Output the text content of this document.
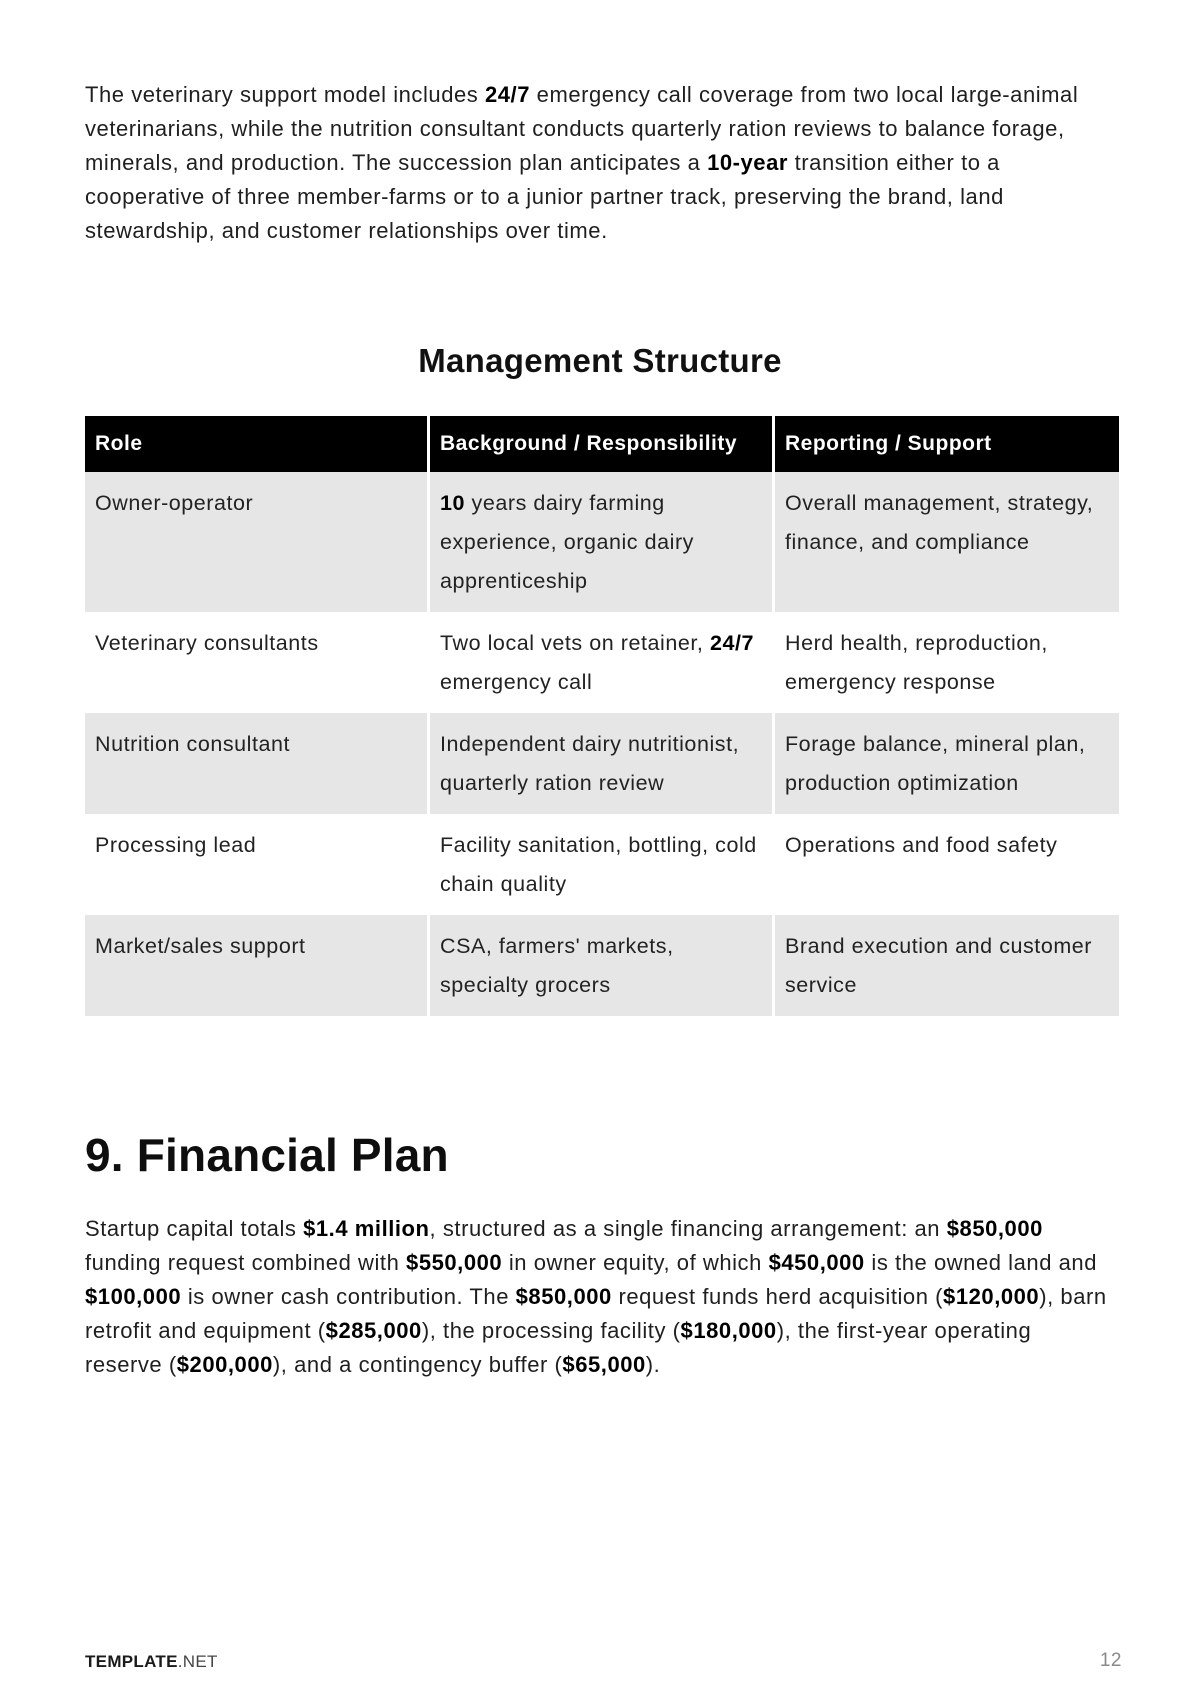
The veterinary support model includes 24/7 emergency call coverage from two local large-animal veterinarians, while the nutrition consultant conducts quarterly ration reviews to balance forage, minerals, and production. The succession plan anticipates a 10-year transition either to a cooperative of three member-farms or to a junior partner track, preserving the brand, land stewardship, and customer relationships over time.

Management Structure
Role	Background / Responsibility	Reporting / Support
Owner-operator	10 years dairy farming experience, organic dairy apprenticeship	Overall management, strategy, finance, and compliance
Veterinary consultants	Two local vets on retainer, 24/7 emergency call	Herd health, reproduction, emergency response
Nutrition consultant	Independent dairy nutritionist, quarterly ration review	Forage balance, mineral plan, production optimization
Processing lead	Facility sanitation, bottling, cold chain quality	Operations and food safety
Market/sales support	CSA, farmers' markets, specialty grocers	Brand execution and customer service
9. Financial Plan

Startup capital totals $1.4 million, structured as a single financing arrangement: an $850,000 funding request combined with $550,000 in owner equity, of which $450,000 is the owned land and $100,000 is owner cash contribution. The $850,000 request funds herd acquisition ($120,000), barn retrofit and equipment ($285,000), the processing facility ($180,000), the first-year operating reserve ($200,000), and a contingency buffer ($65,000).

TEMPLATE.NET	12
